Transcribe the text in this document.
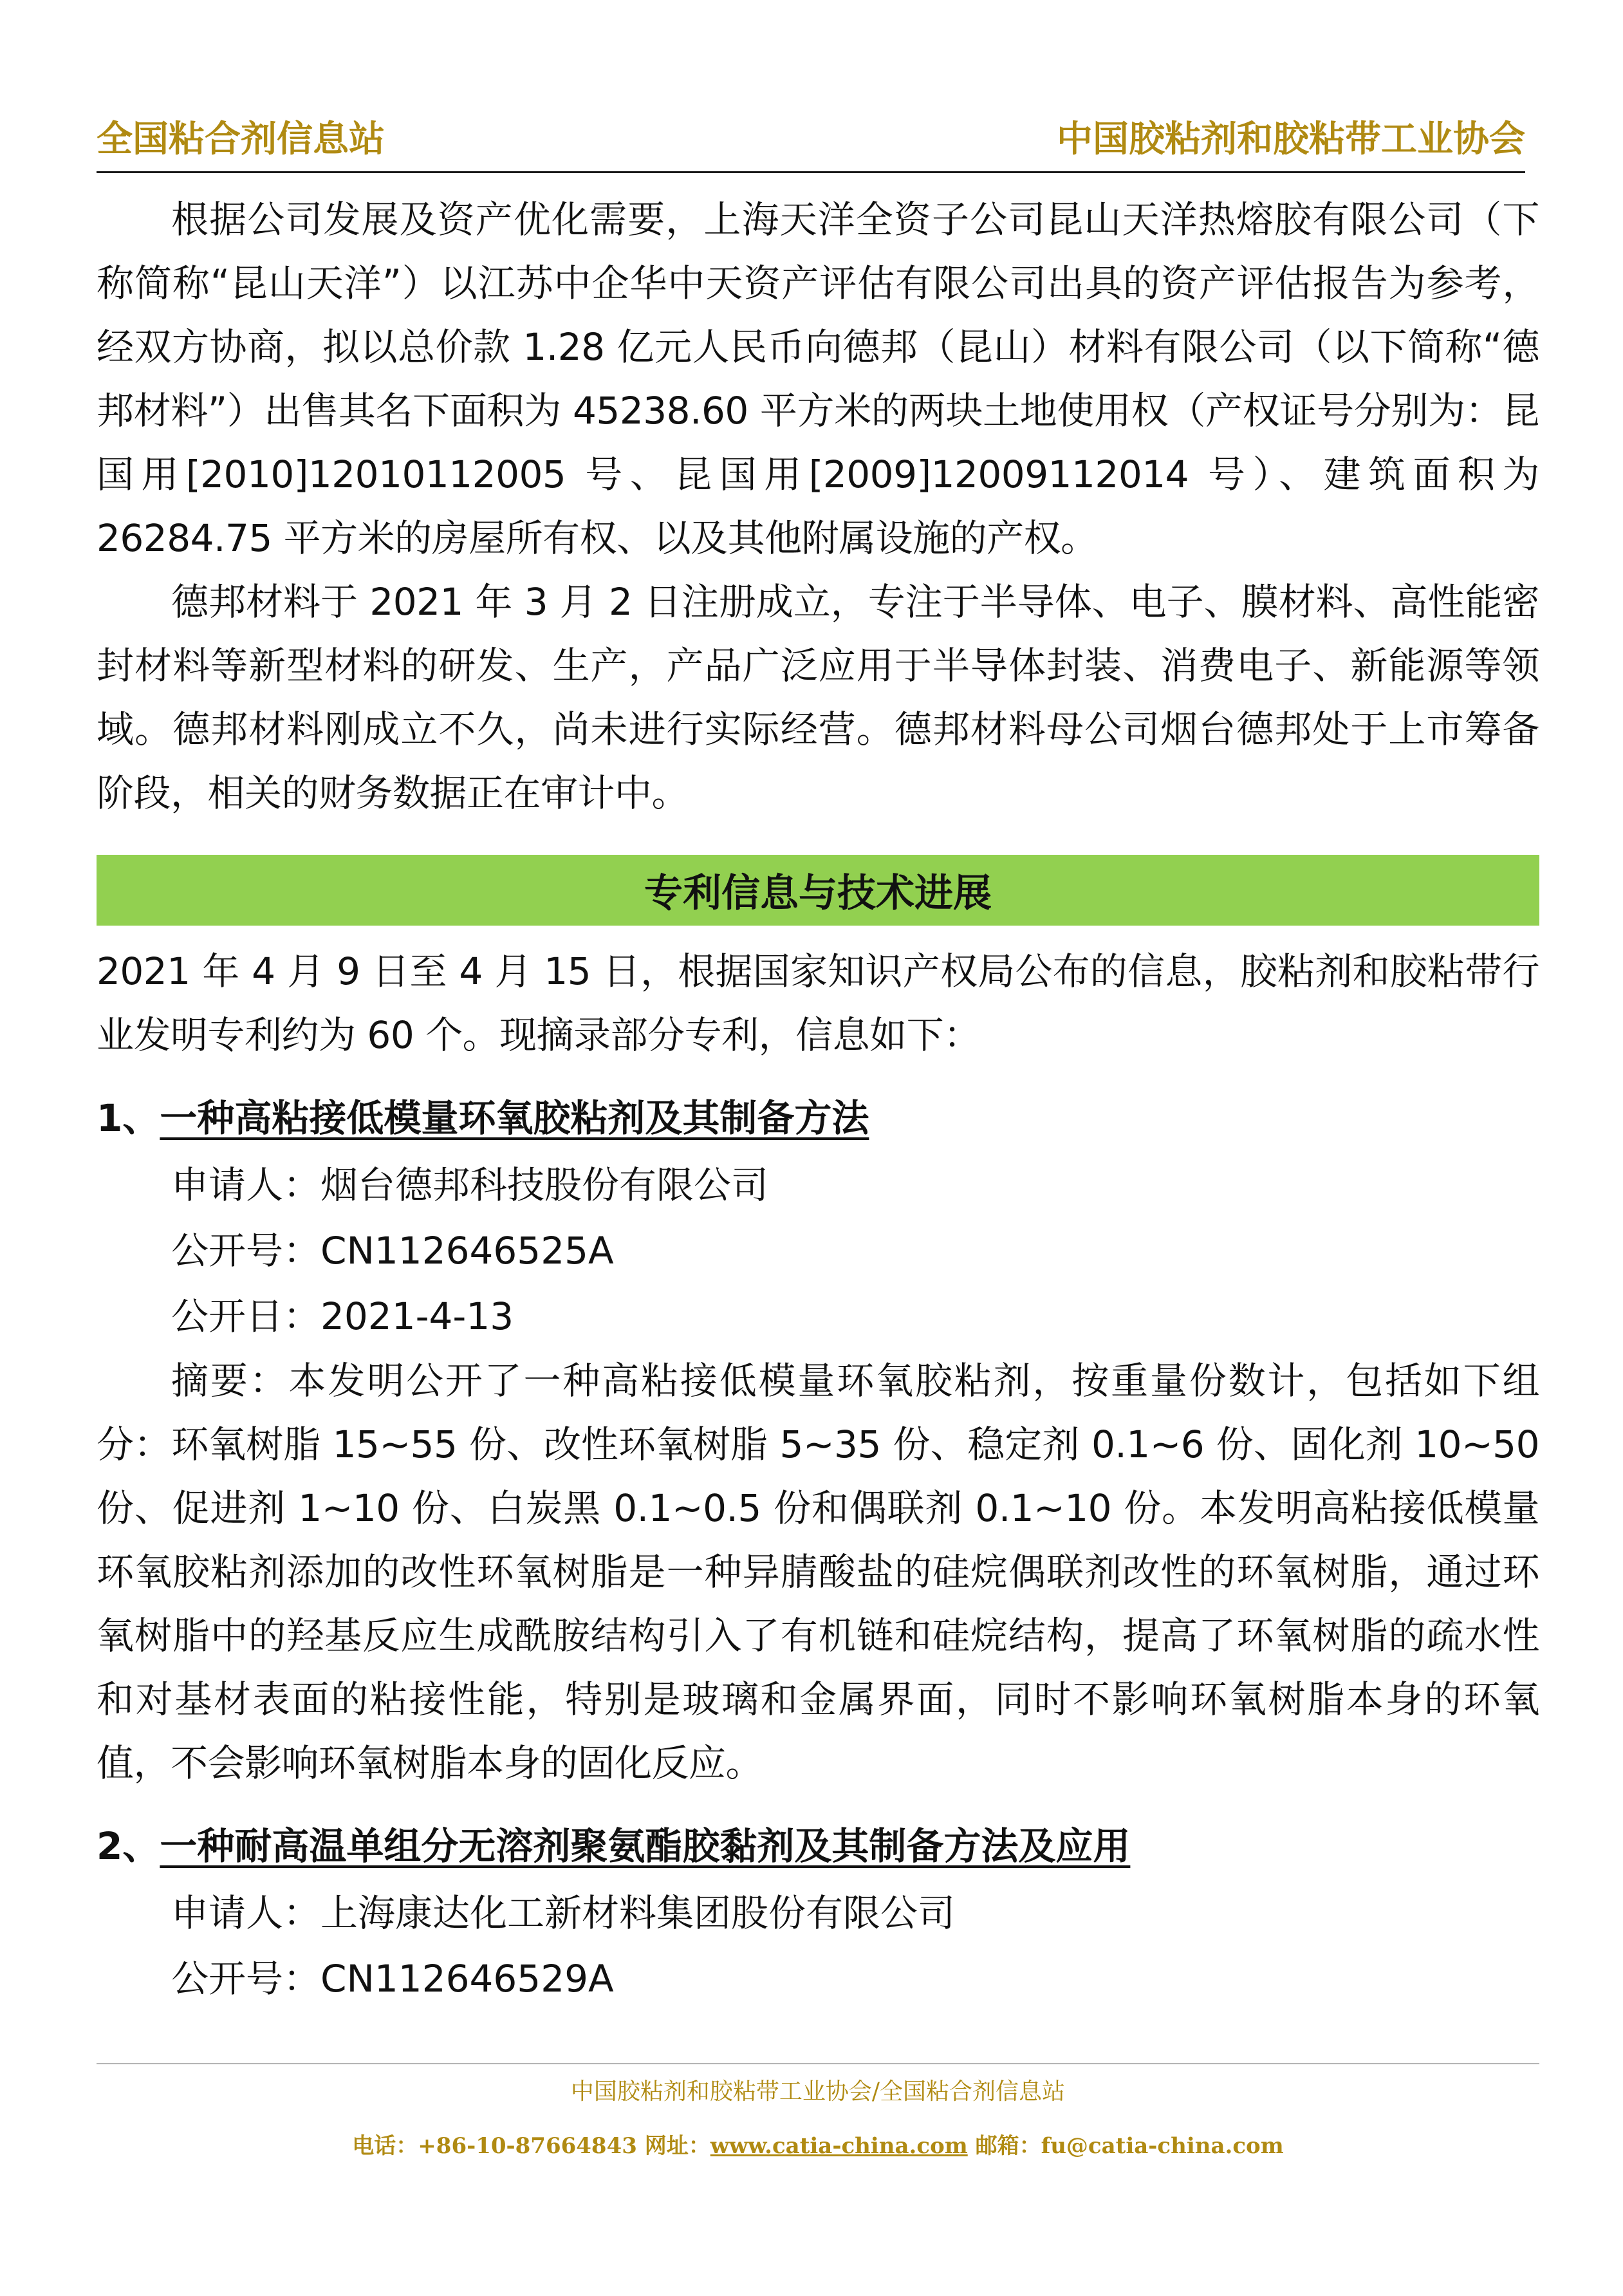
全国粘合剂信息站	中国胶粘剂和胶粘带工业协会

根据公司发展及资产优化需要，上海天洋全资子公司昆山天洋热熔胶有限公司（下称简称“昆山天洋”）以江苏中企华中天资产评估有限公司出具的资产评估报告为参考，经双方协商，拟以总价款 1.28 亿元人民币向德邦（昆山）材料有限公司（以下简称“德邦材料”）出售其名下面积为 45238.60 平方米的两块土地使用权（产权证号分别为：昆国用[2010]12010112005 号、昆国用[2009]12009112014 号）、建筑面积为 26284.75 平方米的房屋所有权、以及其他附属设施的产权。

德邦材料于 2021 年 3 月 2 日注册成立，专注于半导体、电子、膜材料、高性能密封材料等新型材料的研发、生产，产品广泛应用于半导体封装、消费电子、新能源等领域。德邦材料刚成立不久，尚未进行实际经营。德邦材料母公司烟台德邦处于上市筹备阶段，相关的财务数据正在审计中。

专利信息与技术进展

2021 年 4 月 9 日至 4 月 15 日，根据国家知识产权局公布的信息，胶粘剂和胶粘带行业发明专利约为 60 个。现摘录部分专利，信息如下：

1、一种高粘接低模量环氧胶粘剂及其制备方法

申请人：烟台德邦科技股份有限公司

公开号：CN112646525A

公开日：2021-4-13

摘要：本发明公开了一种高粘接低模量环氧胶粘剂，按重量份数计，包括如下组分：环氧树脂 15~55 份、改性环氧树脂 5~35 份、稳定剂 0.1~6 份、固化剂 10~50 份、促进剂 1~10 份、白炭黑 0.1~0.5 份和偶联剂 0.1~10 份。本发明高粘接低模量环氧胶粘剂添加的改性环氧树脂是一种异腈酸盐的硅烷偶联剂改性的环氧树脂，通过环氧树脂中的羟基反应生成酰胺结构引入了有机链和硅烷结构，提高了环氧树脂的疏水性和对基材表面的粘接性能，特别是玻璃和金属界面，同时不影响环氧树脂本身的环氧值，不会影响环氧树脂本身的固化反应。

2、一种耐高温单组分无溶剂聚氨酯胶黏剂及其制备方法及应用

申请人：上海康达化工新材料集团股份有限公司

公开号：CN112646529A

中国胶粘剂和胶粘带工业协会/全国粘合剂信息站
电话：+86-10-87664843 网址：www.catia-china.com 邮箱：fu@catia-china.com
